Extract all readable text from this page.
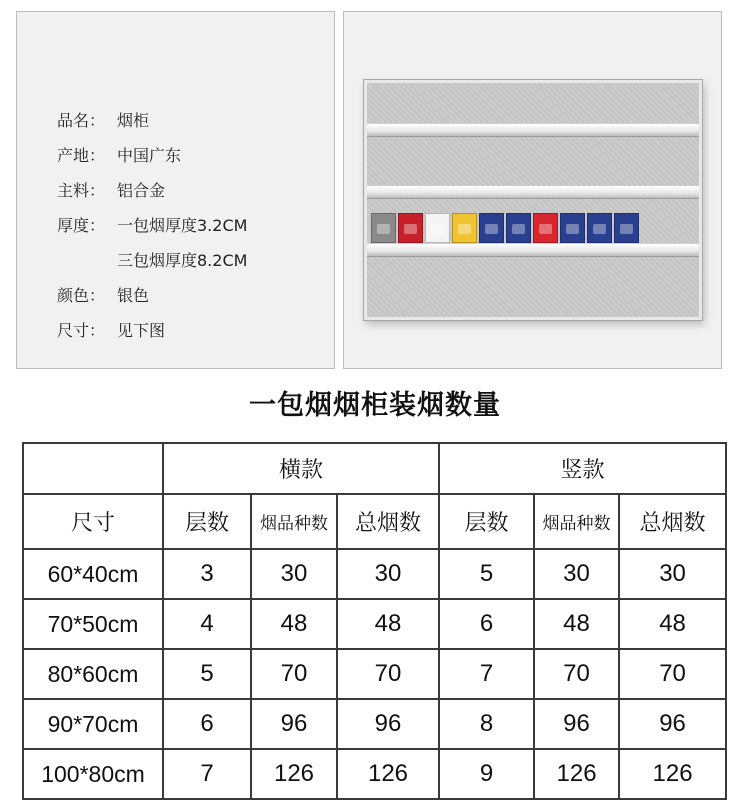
品名： 烟柜
产地： 中国广东
主料： 铝合金
厚度： 一包烟厚度3.2CM
三包烟厚度8.2CM
颜色： 银色
尺寸： 见下图
一包烟烟柜装烟数量
	横款			竖款		
尺寸	层数	烟品种数	总烟数	层数	烟品种数	总烟数
60*40cm	3	30	30	5	30	30
70*50cm	4	48	48	6	48	48
80*60cm	5	70	70	7	70	70
90*70cm	6	96	96	8	96	96
100*80cm	7	126	126	9	126	126
